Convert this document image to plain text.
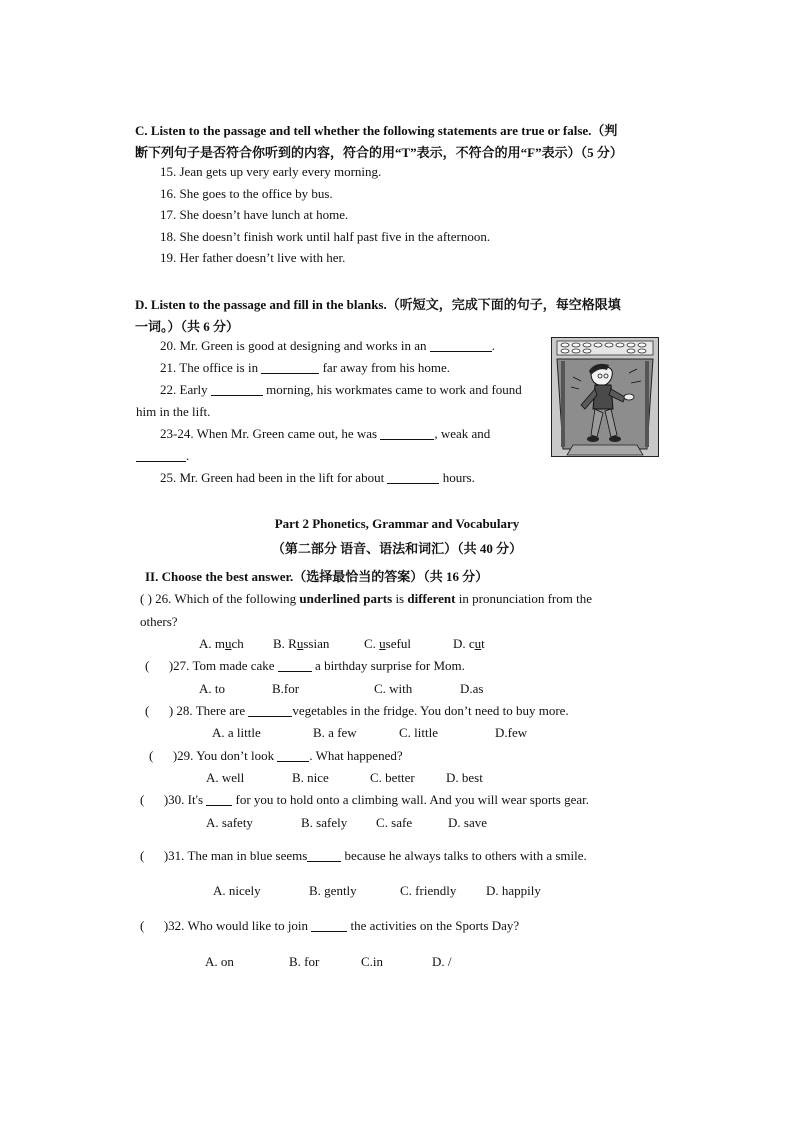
C. Listen to the passage and tell whether the following statements are true or false.（判
断下列句子是否符合你听到的内容，符合的用“T”表示，不符合的用“F”表示）（5 分）
15. Jean gets up very early every morning.
16. She goes to the office by bus.
17. She doesn’t have lunch at home.
18. She doesn’t finish work until half past five in the afternoon.
19. Her father doesn’t live with her.
D. Listen to the passage and fill in the blanks.（听短文，完成下面的句子，每空格限填
一词。）（共 6 分）
20. Mr. Green is good at designing and works in an	.
21. The office is in	far away from his home.
22. Early	morning, his workmates came to work and found
him in the lift.
23-24. When Mr. Green came out, he was	, weak and
.
25. Mr. Green had been in the lift for about	hours.
Part 2 Phonetics, Grammar and Vocabulary
（第二部分 语音、语法和词汇）（共 40 分）
II. Choose the best answer.（选择最恰当的答案）（共 16 分）
( ) 26. Which of the following underlined parts is different in pronunciation from the
others?
A. much B. Russian	C. useful	D. cut
(      )27. Tom made cake	a birthday surprise for Mom.
A. to	B.for	C. with	D.as
(      ) 28. There are	vegetables in the fridge. You don’t need to buy more.
A. a little	B. a few	C. little	D.few
(      )29. You don’t look	. What happened?
A. well	B. nice	C. better D. best
(      )30. It's	for you to hold onto a climbing wall. And you will wear sports gear.
A. safety	B. safely C. safe	D. save
(      )31. The man in blue seems	because he always talks to others with a smile.
A. nicely	B. gently	C. friendly D. happily
(      )32. Who would like to join	the activities on the Sports Day?
A. on	B. for	C.in	D. /
